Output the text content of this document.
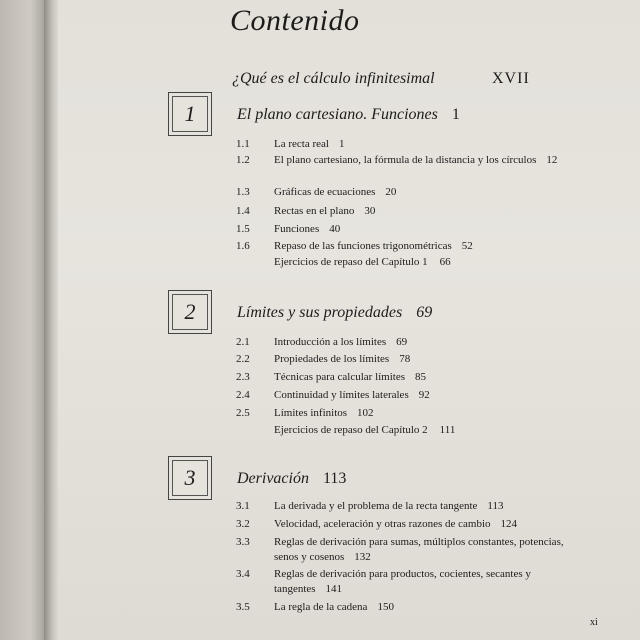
Contenido
¿Qué es el cálculo infinitesimal	XVII
1	El plano cartesiano. Funciones 1
1.1 La recta real 1
1.2 El plano cartesiano, la fórmula de la distancia y los círculos 12
1.3 Gráficas de ecuaciones 20
1.4 Rectas en el plano 30
1.5 Funciones 40
1.6 Repaso de las funciones trigonométricas 52
Ejercicios de repaso del Capítulo 1 66
2	Límites y sus propiedades 69
2.1 Introducción a los límites 69
2.2 Propiedades de los límites 78
2.3 Técnicas para calcular límites 85
2.4 Continuidad y límites laterales 92
2.5 Límites infinitos 102
Ejercicios de repaso del Capítulo 2 111
3	Derivación 113
3.1 La derivada y el problema de la recta tangente 113
3.2 Velocidad, aceleración y otras razones de cambio 124
3.3 Reglas de derivación para sumas, múltiplos constantes, potencias, senos y cosenos 132
3.4 Reglas de derivación para productos, cocientes, secantes y tangentes 141
3.5 La regla de la cadena 150
xi
